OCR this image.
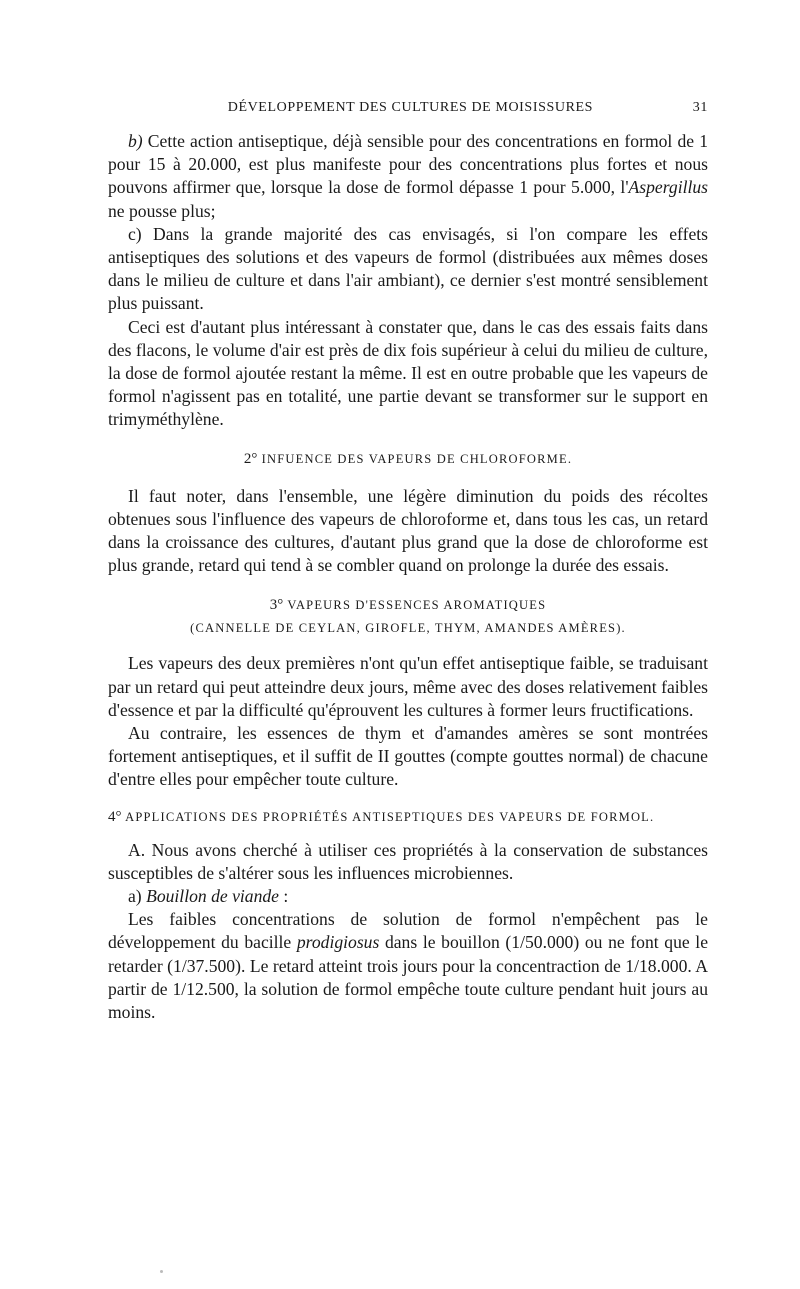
DÉVELOPPEMENT DES CULTURES DE MOISISSURES	31

b) Cette action antiseptique, déjà sensible pour des concentrations en formol de 1 pour 15 à 20.000, est plus manifeste pour des concentrations plus fortes et nous pouvons affirmer que, lorsque la dose de formol dépasse 1 pour 5.000, l'Aspergillus ne pousse plus;

c) Dans la grande majorité des cas envisagés, si l'on compare les effets antiseptiques des solutions et des vapeurs de formol (distribuées aux mêmes doses dans le milieu de culture et dans l'air ambiant), ce dernier s'est montré sensiblement plus puissant.

Ceci est d'autant plus intéressant à constater que, dans le cas des essais faits dans des flacons, le volume d'air est près de dix fois supérieur à celui du milieu de culture, la dose de formol ajoutée restant la même. Il est en outre probable que les vapeurs de formol n'agissent pas en totalité, une partie devant se transformer sur le support en trimyméthylène.

2° INFUENCE DES VAPEURS DE CHLOROFORME.

Il faut noter, dans l'ensemble, une légère diminution du poids des récoltes obtenues sous l'influence des vapeurs de chloroforme et, dans tous les cas, un retard dans la croissance des cultures, d'autant plus grand que la dose de chloroforme est plus grande, retard qui tend à se combler quand on prolonge la durée des essais.

3° VAPEURS D'ESSENCES AROMATIQUES
(CANNELLE DE CEYLAN, GIROFLE, THYM, AMANDES AMÈRES).

Les vapeurs des deux premières n'ont qu'un effet antiseptique faible, se traduisant par un retard qui peut atteindre deux jours, même avec des doses relativement faibles d'essence et par la difficulté qu'éprouvent les cultures à former leurs fructifications.

Au contraire, les essences de thym et d'amandes amères se sont montrées fortement antiseptiques, et il suffit de II gouttes (compte gouttes normal) de chacune d'entre elles pour empêcher toute culture.

4° APPLICATIONS DES PROPRIÉTÉS ANTISEPTIQUES DES VAPEURS DE FORMOL.

A. Nous avons cherché à utiliser ces propriétés à la conservation de substances susceptibles de s'altérer sous les influences microbiennes.

a) Bouillon de viande :

Les faibles concentrations de solution de formol n'empêchent pas le développement du bacille prodigiosus dans le bouillon (1/50.000) ou ne font que le retarder (1/37.500). Le retard atteint trois jours pour la concentraction de 1/18.000. A partir de 1/12.500, la solution de formol empêche toute culture pendant huit jours au moins.
